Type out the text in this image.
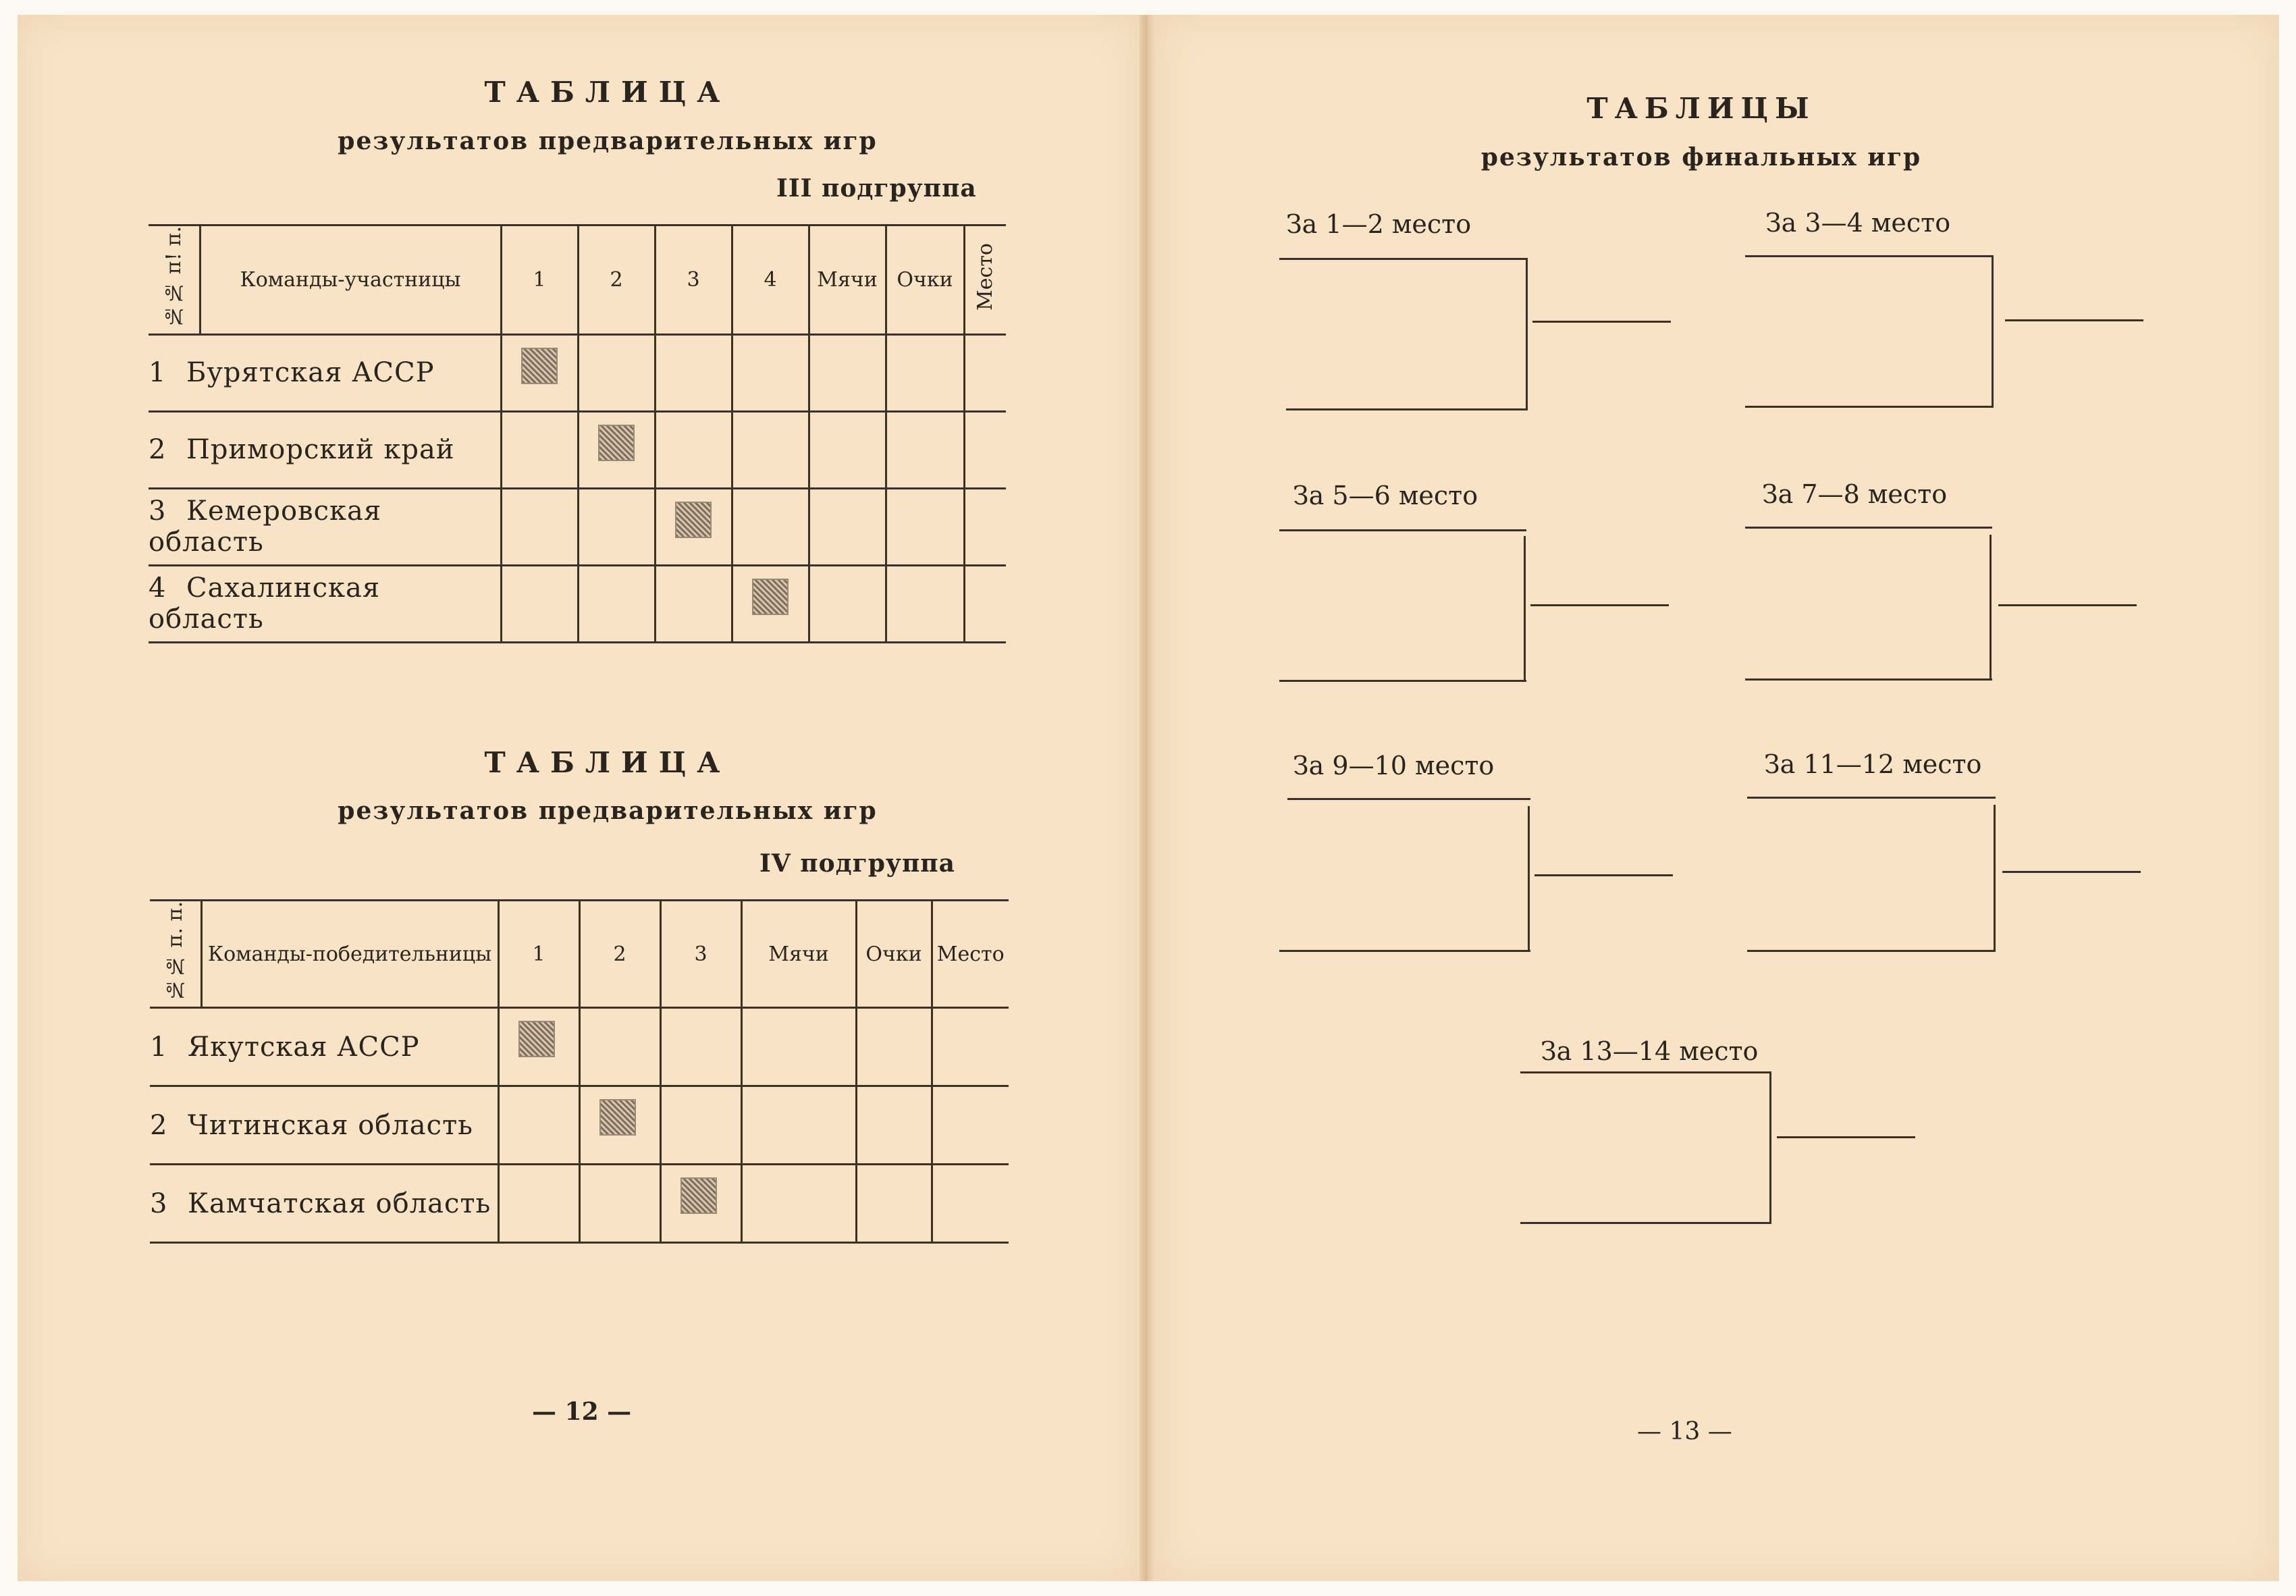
ТАБЛИЦА
результатов предварительных игр
III подгруппа
№№ п! п.	Команды-участницы	1	2	3	4	Мячи	Очки	Место
1 Бурятская АССР		

2 Приморский край			

3 Кемеровская область				

4 Сахалинская область					

ТАБЛИЦА
результатов предварительных игр
IV подгруппа
№№ п. п.	Команды-победительницы	1	2	3	Мячи	Очки	Место
1 Якутская АССР		

2 Читинская область			

3 Камчатская область				

— 12 —
ТАБЛИЦЫ
результатов финальных игр
За 1—2 место	За 3—4 место
За 5—6 место	За 7—8 место
За 9—10 место	За 11—12 место
За 13—14 место
— 13 —
